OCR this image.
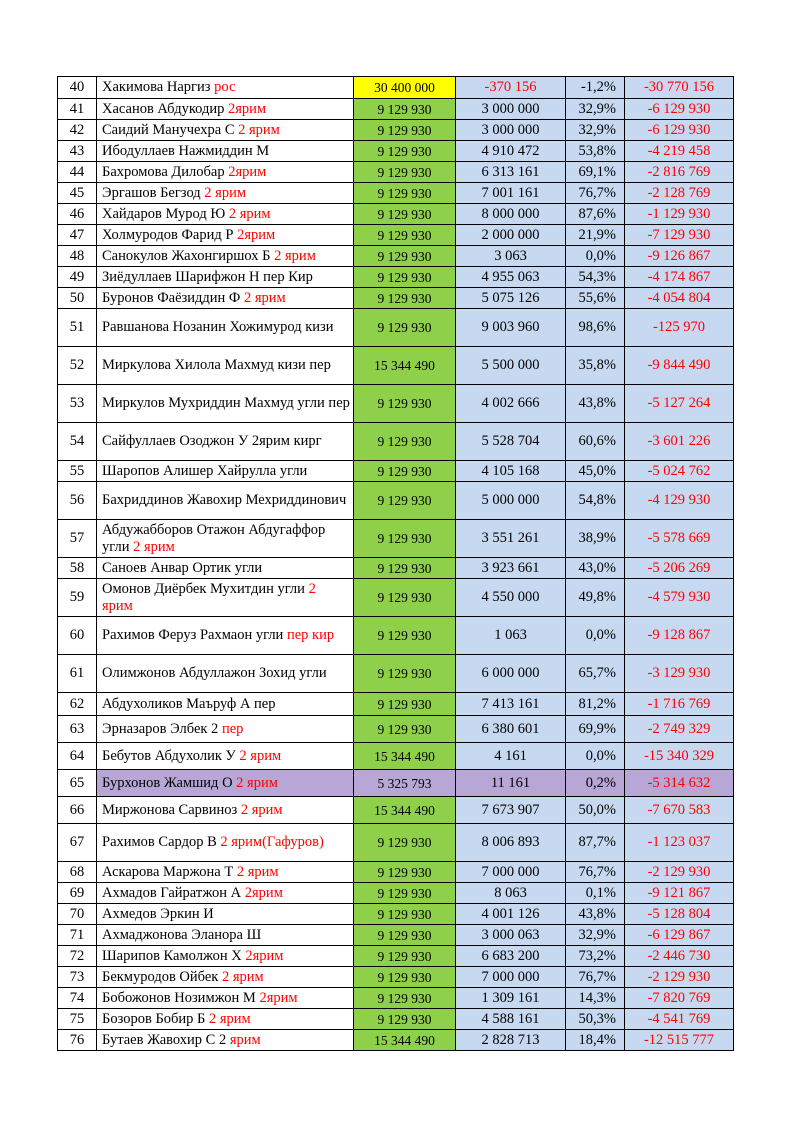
40	Хакимова Наргиз рос	30 400 000	-370 156	-1,2%	-30 770 156
41	Хасанов Абдукодир 2ярим	9 129 930	3 000 000	32,9%	-6 129 930
42	Саидий Манучехра С 2 ярим	9 129 930	3 000 000	32,9%	-6 129 930
43	Ибодуллаев Нажмиддин М	9 129 930	4 910 472	53,8%	-4 219 458
44	Бахромова Дилобар 2ярим	9 129 930	6 313 161	69,1%	-2 816 769
45	Эргашов Бегзод 2 ярим	9 129 930	7 001 161	76,7%	-2 128 769
46	Хайдаров Мурод Ю 2 ярим	9 129 930	8 000 000	87,6%	-1 129 930
47	Холмуродов Фарид Р 2ярим	9 129 930	2 000 000	21,9%	-7 129 930
48	Санокулов Жахонгиршох Б 2 ярим	9 129 930	3 063	0,0%	-9 126 867
49	Зиёдуллаев Шарифжон Н пер Кир	9 129 930	4 955 063	54,3%	-4 174 867
50	Буронов Фаёзиддин Ф 2 ярим	9 129 930	5 075 126	55,6%	-4 054 804
51	Равшанова Нозанин Хожимурод кизи	9 129 930	9 003 960	98,6%	-125 970
52	Миркулова Хилола Махмуд кизи пер	15 344 490	5 500 000	35,8%	-9 844 490
53	Миркулов Мухриддин Махмуд угли пер	9 129 930	4 002 666	43,8%	-5 127 264
54	Сайфуллаев Озоджон У 2ярим кирг	9 129 930	5 528 704	60,6%	-3 601 226
55	Шаропов Алишер Хайрулла угли	9 129 930	4 105 168	45,0%	-5 024 762
56	Бахриддинов Жавохир Мехриддинович	9 129 930	5 000 000	54,8%	-4 129 930
57	Абдужабборов Отажон Абдугаффор угли 2 ярим	9 129 930	3 551 261	38,9%	-5 578 669
58	Саноев Анвар Ортик угли	9 129 930	3 923 661	43,0%	-5 206 269
59	Омонов Диёрбек Мухитдин угли 2 ярим	9 129 930	4 550 000	49,8%	-4 579 930
60	Рахимов Феруз Рахмаон угли пер кир	9 129 930	1 063	0,0%	-9 128 867
61	Олимжонов Абдуллажон Зохид угли	9 129 930	6 000 000	65,7%	-3 129 930
62	Абдухоликов Маъруф А пер	9 129 930	7 413 161	81,2%	-1 716 769
63	Эрназаров Элбек 2 пер	9 129 930	6 380 601	69,9%	-2 749 329
64	Бебутов Абдухолик У 2 ярим	15 344 490	4 161	0,0%	-15 340 329
65	Бурхонов Жамшид О 2 ярим	5 325 793	11 161	0,2%	-5 314 632
66	Миржонова Сарвиноз 2 ярим	15 344 490	7 673 907	50,0%	-7 670 583
67	Рахимов Сардор В 2 ярим(Гафуров)	9 129 930	8 006 893	87,7%	-1 123 037
68	Аскарова Маржона Т 2 ярим	9 129 930	7 000 000	76,7%	-2 129 930
69	Ахмадов Гайратжон А 2ярим	9 129 930	8 063	0,1%	-9 121 867
70	Ахмедов Эркин И	9 129 930	4 001 126	43,8%	-5 128 804
71	Ахмаджонова Эланора Ш	9 129 930	3 000 063	32,9%	-6 129 867
72	Шарипов Камолжон Х 2ярим	9 129 930	6 683 200	73,2%	-2 446 730
73	Бекмуродов Ойбек 2 ярим	9 129 930	7 000 000	76,7%	-2 129 930
74	Бобожонов Нозимжон М 2ярим	9 129 930	1 309 161	14,3%	-7 820 769
75	Бозоров Бобир Б 2 ярим	9 129 930	4 588 161	50,3%	-4 541 769
76	Бутаев Жавохир С 2 ярим	15 344 490	2 828 713	18,4%	-12 515 777
